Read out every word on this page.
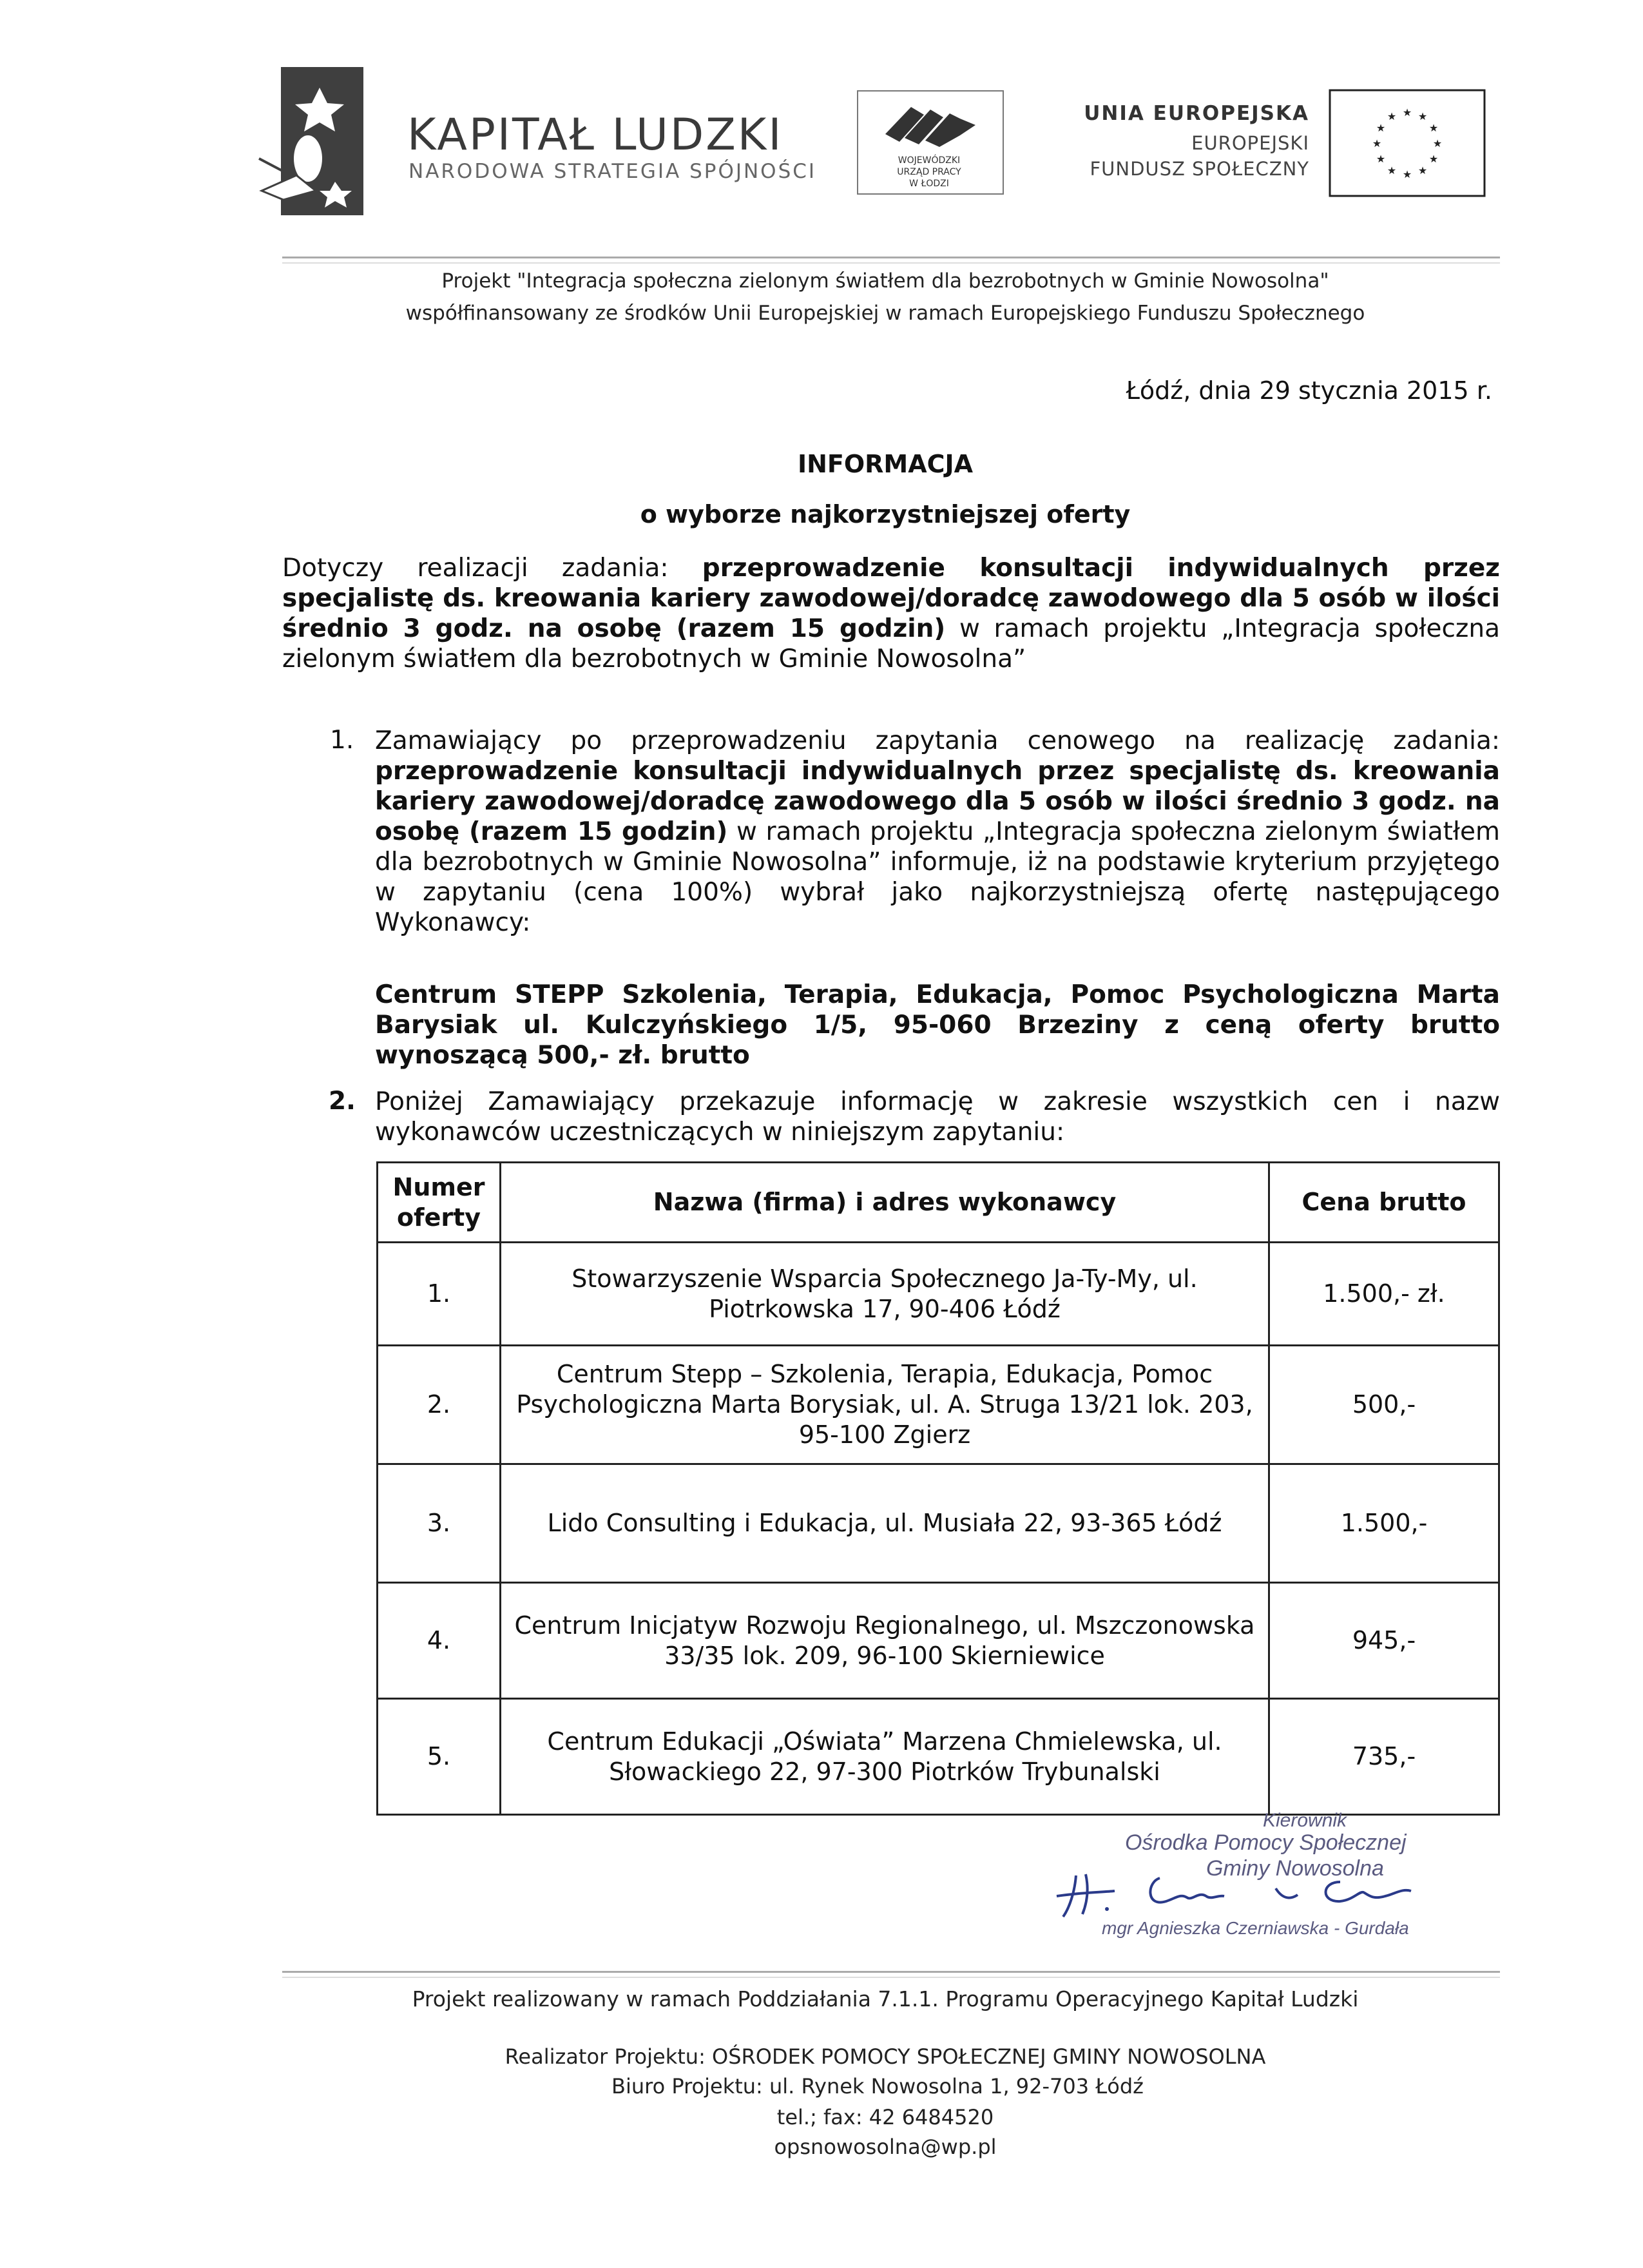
KAPITAŁ LUDZKI
NARODOWA STRATEGIA SPÓJNOŚCI	WOJEWÓDZKI
URZĄD PRACY
W ŁODZI
UNIA EUROPEJSKA
EUROPEJSKI
FUNDUSZ SPOŁECZNY
★ ★
★
★
★
★
★
★
★
★
★
★
Projekt "Integracja społeczna zielonym światłem dla bezrobotnych w Gminie Nowosolna"
współfinansowany ze środków Unii Europejskiej w ramach Europejskiego Funduszu Społecznego
Łódź, dnia 29 stycznia 2015 r.
INFORMACJA
o wyborze najkorzystniejszej oferty

Dotyczy realizacji zadania: przeprowadzenie konsultacji indywidualnych przez specjalistę ds. kreowania kariery zawodowej/doradcę zawodowego dla 5 osób w ilości średnio 3 godz. na osobę (razem 15 godzin) w ramach projektu „Integracja społeczna zielonym światłem dla bezrobotnych w Gminie Nowosolna”

1. Zamawiający po przeprowadzeniu zapytania cenowego na realizację zadania: przeprowadzenie konsultacji indywidualnych przez specjalistę ds. kreowania kariery zawodowej/doradcę zawodowego dla 5 osób w ilości średnio 3 godz. na osobę (razem 15 godzin) w ramach projektu „Integracja społeczna zielonym światłem dla bezrobotnych w Gminie Nowosolna” informuje, iż na podstawie kryterium przyjętego w zapytaniu (cena 100%) wybrał jako najkorzystniejszą ofertę następującego Wykonawcy:

Centrum STEPP Szkolenia, Terapia, Edukacja, Pomoc Psychologiczna Marta Barysiak ul. Kulczyńskiego 1/5, 95-060 Brzeziny z ceną oferty brutto wynoszącą 500,- zł. brutto

2. Poniżej Zamawiający przekazuje informację w zakresie wszystkich cen i nazw wykonawców uczestniczących w niniejszym zapytaniu:

Numer oferty	Nazwa (firma) i adres wykonawcy	Cena brutto
1.	Stowarzyszenie Wsparcia Społecznego Ja-Ty-My, ul. Piotrkowska 17, 90-406 Łódź	1.500,- zł.
2.	Centrum Stepp – Szkolenia, Terapia, Edukacja, Pomoc Psychologiczna Marta Borysiak, ul. A. Struga 13/21 lok. 203, 95-100 Zgierz	500,-
3.	Lido Consulting i Edukacja, ul. Musiała 22, 93-365 Łódź	1.500,-
4.	Centrum Inicjatyw Rozwoju Regionalnego, ul. Mszczonowska 33/35 lok. 209, 96-100 Skierniewice	945,-
5.	Centrum Edukacji „Oświata” Marzena Chmielewska, ul. Słowackiego 22, 97-300 Piotrków Trybunalski	735,-
Kierownik
Ośrodka Pomocy Społecznej
Gminy Nowosolna
mgr Agnieszka Czerniawska - Gurdała
Projekt realizowany w ramach Poddziałania 7.1.1. Programu Operacyjnego Kapitał Ludzki
Realizator Projektu: OŚRODEK POMOCY SPOŁECZNEJ GMINY NOWOSOLNA
Biuro Projektu: ul. Rynek Nowosolna 1, 92-703 Łódź
tel.; fax: 42 6484520
opsnowosolna@wp.pl
